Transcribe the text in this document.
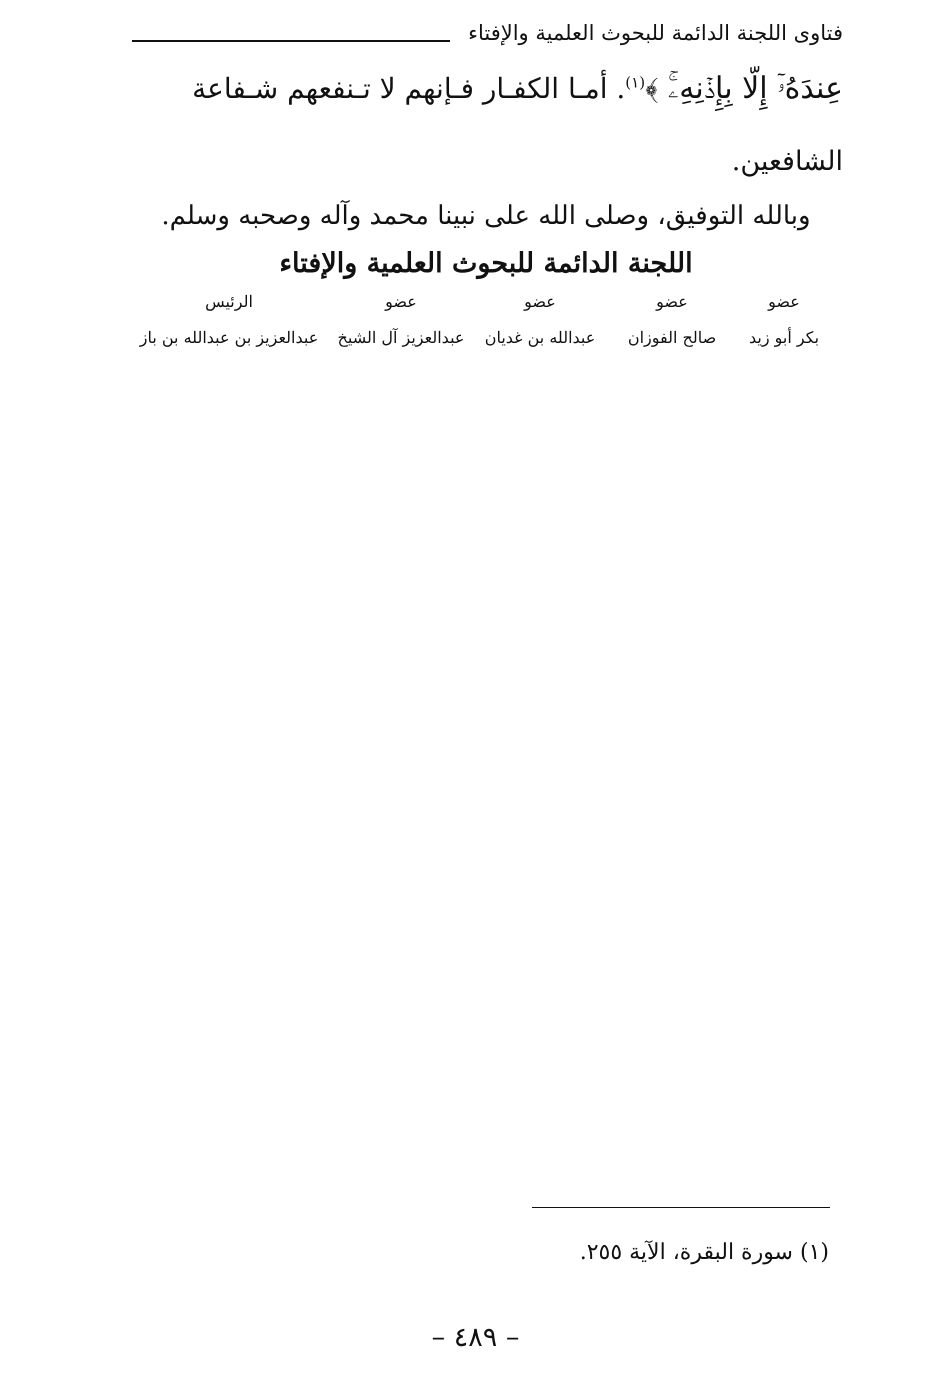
فتاوى اللجنة الدائمة للبحوث العلمية والإفتاء
عِندَهُۥٓ إِلَّا بِإِذۡنِهِۦۚ ﴾$^{(١)}$. أمـا الكفـار فـإنهم لا تـنفعهم شـفاعة
الشافعين.
وبالله التوفيق، وصلى الله على نبينا محمد وآله وصحبه وسلم.
اللجنة الدائمة للبحوث العلمية والإفتاء
عضو
بكر أبو زيد
عضو
صالح الفوزان
عضو
عبدالله بن غديان
عضو
عبدالعزيز آل الشيخ
الرئيس
عبدالعزيز بن عبدالله بن باز
(١) سورة البقرة، الآية ٢٥٥.
– ٤٨٩ –
